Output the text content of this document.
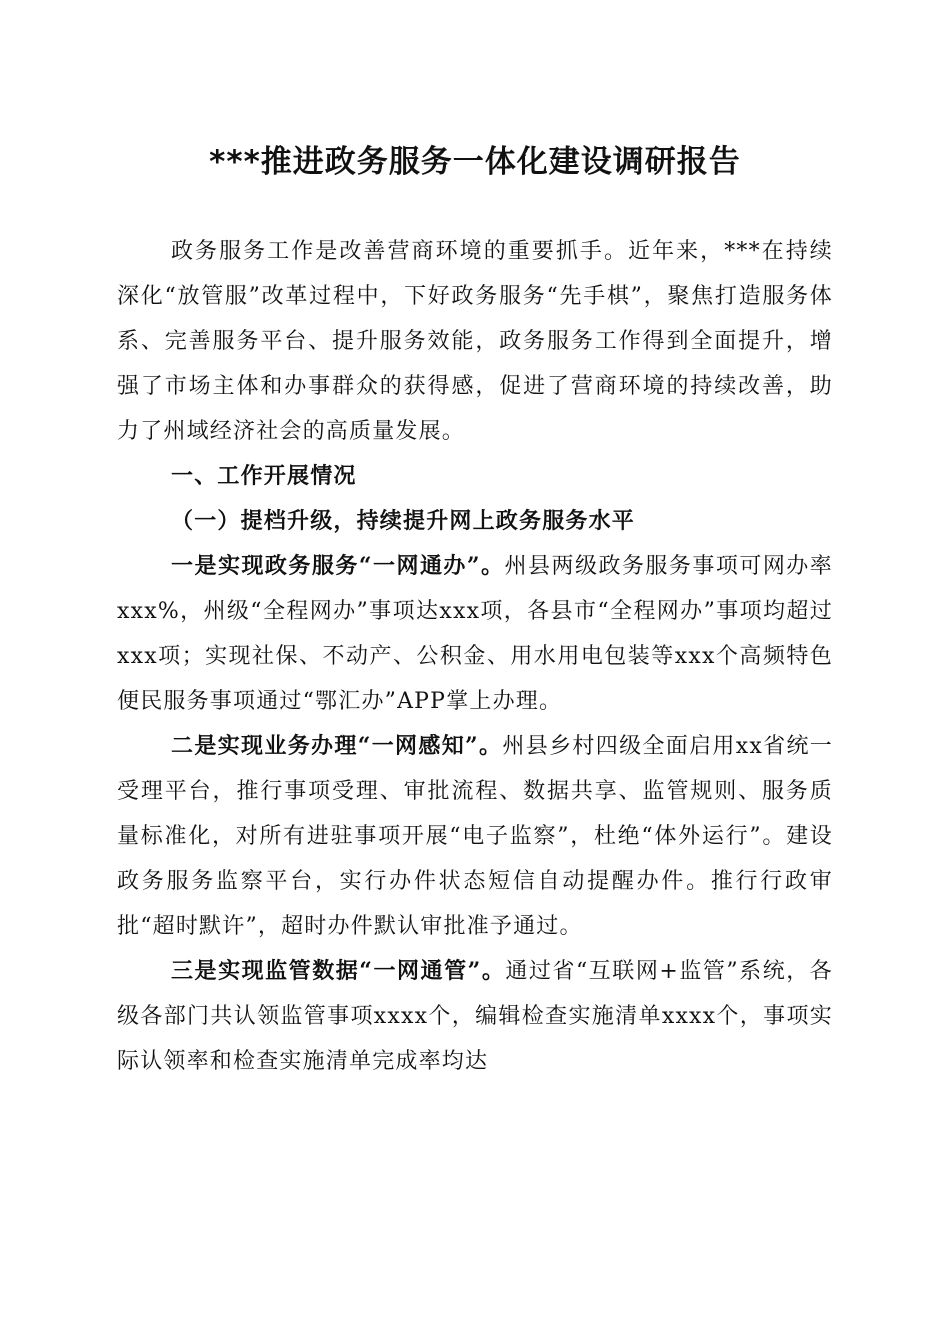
***推进政务服务一体化建设调研报告

政务服务工作是改善营商环境的重要抓手。近年来，***在持续深化“放管服”改革过程中，下好政务服务“先手棋”，聚焦打造服务体系、完善服务平台、提升服务效能，政务服务工作得到全面提升，增强了市场主体和办事群众的获得感，促进了营商环境的持续改善，助力了州域经济社会的高质量发展。

一、工作开展情况

（一）提档升级，持续提升网上政务服务水平

一是实现政务服务“一网通办”。州县两级政务服务事项可网办率xxx%，州级“全程网办”事项达xxx项，各县市“全程网办”事项均超过xxx项；实现社保、不动产、公积金、用水用电包装等xxx个高频特色便民服务事项通过“鄂汇办”APP掌上办理。

二是实现业务办理“一网感知”。州县乡村四级全面启用xx省统一受理平台，推行事项受理、审批流程、数据共享、监管规则、服务质量标准化，对所有进驻事项开展“电子监察”，杜绝“体外运行”。建设政务服务监察平台，实行办件状态短信自动提醒办件。推行行政审批“超时默许”，超时办件默认审批准予通过。

三是实现监管数据“一网通管”。通过省“互联网+监管”系统，各级各部门共认领监管事项xxxx个，编辑检查实施清单xxxx个，事项实际认领率和检查实施清单完成率均达
